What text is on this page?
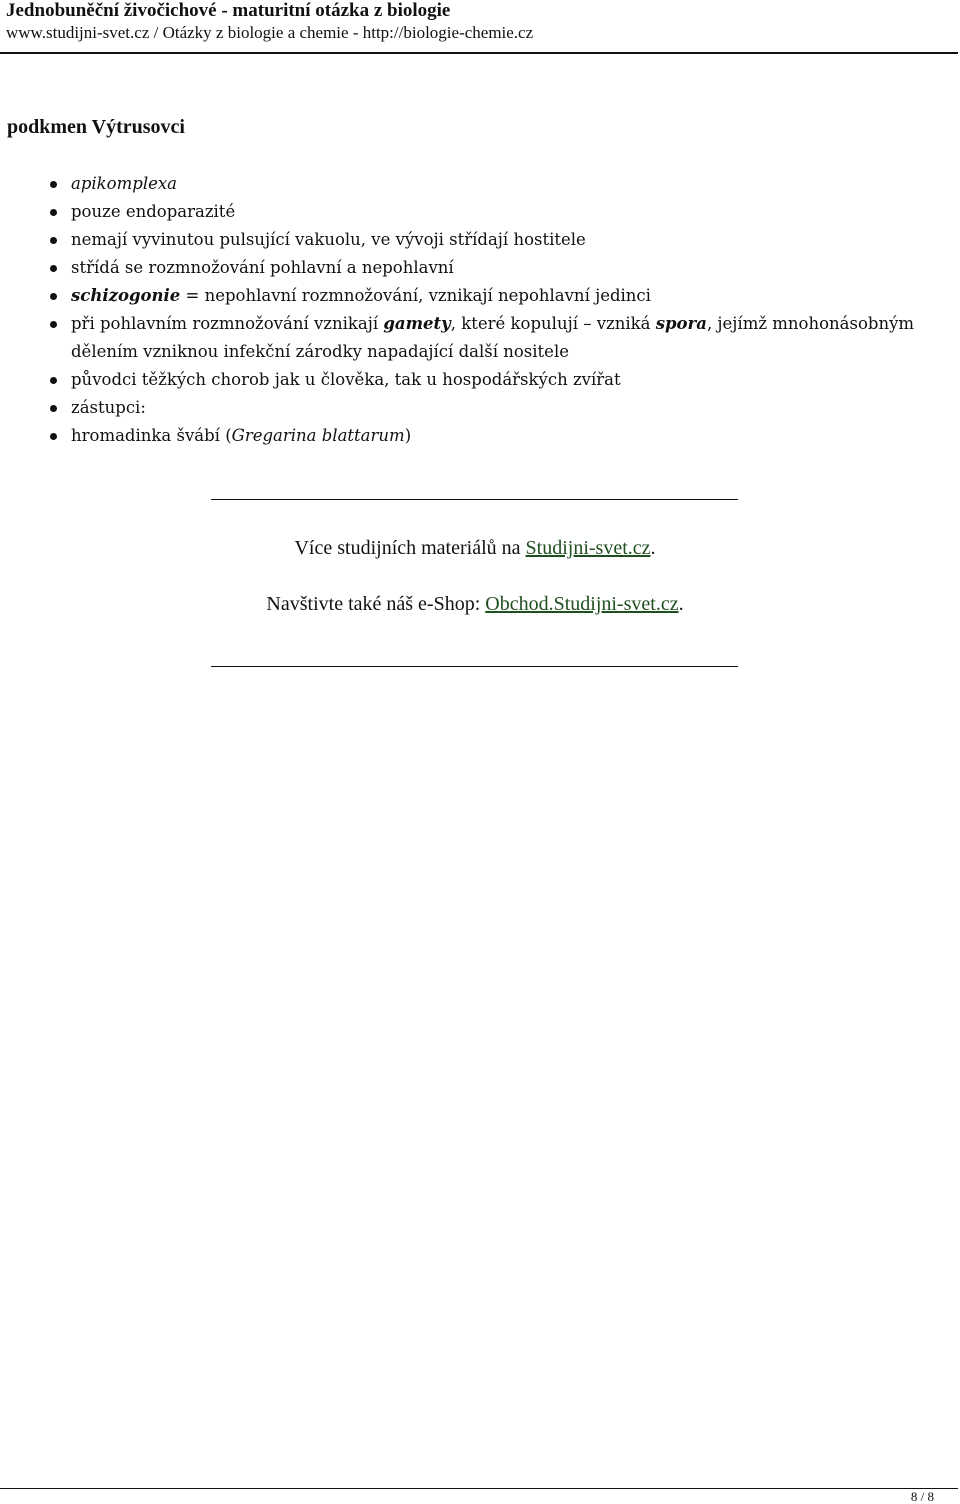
Jednobuněční živočichové - maturitní otázka z biologie
www.studijni-svet.cz / Otázky z biologie a chemie - http://biologie-chemie.cz
podkmen Výtrusovci
apikomplexa
pouze endoparazité
nemají vyvinutou pulsující vakuolu, ve vývoji střídají hostitele
střídá se rozmnožování pohlavní a nepohlavní
schizogonie = nepohlavní rozmnožování, vznikají nepohlavní jedinci
při pohlavním rozmnožování vznikají gamety, které kopulují – vzniká spora, jejímž mnohonásobným dělením vzniknou infekční zárodky napadající další nositele
původci těžkých chorob jak u člověka, tak u hospodářských zvířat
zástupci:
hromadinka švábí (Gregarina blattarum)
Více studijních materiálů na Studijni-svet.cz.
Navštivte také náš e-Shop: Obchod.Studijni-svet.cz.
8 / 8
